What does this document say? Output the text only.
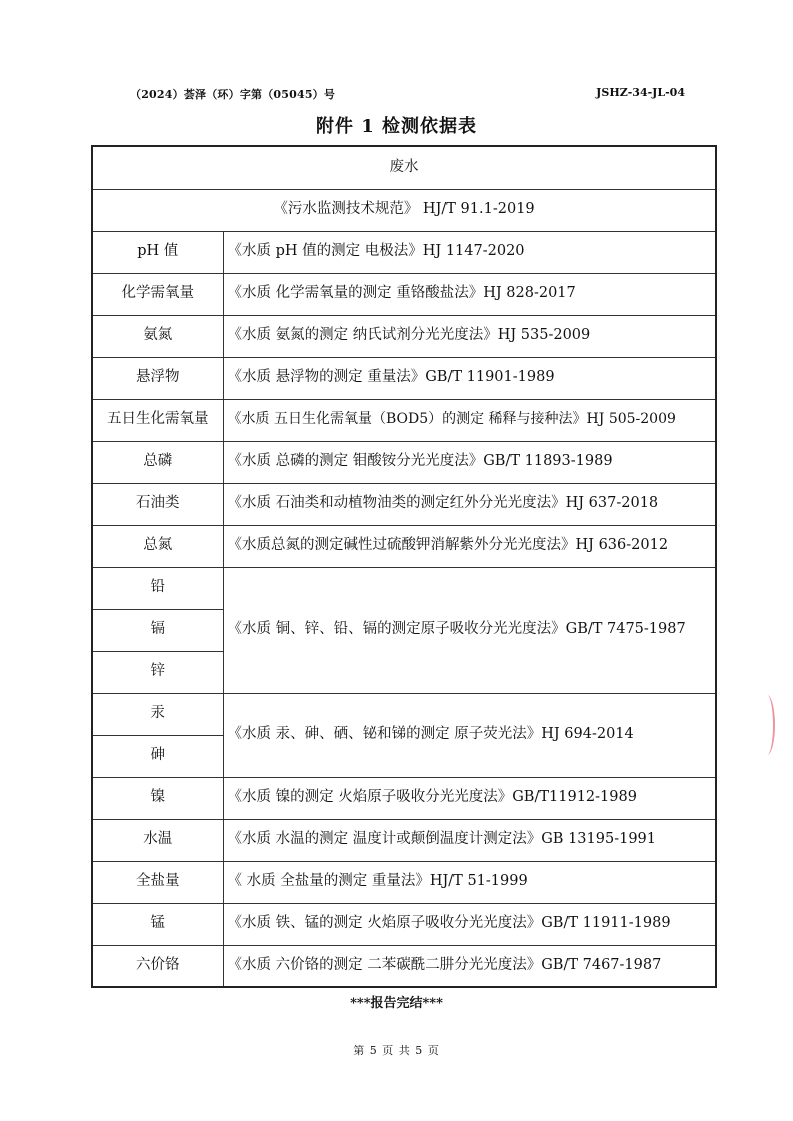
（2024）荟泽（环）字第（05045）号	JSHZ-34-JL-04
附件 1 检测依据表
废水	
《污水监测技术规范》 HJ/T 91.1-2019	
pH 值	《水质 pH 值的测定 电极法》HJ 1147-2020
化学需氧量	《水质 化学需氧量的测定 重铬酸盐法》HJ 828-2017
氨氮	《水质 氨氮的测定 纳氏试剂分光光度法》HJ 535-2009
悬浮物	《水质 悬浮物的测定 重量法》GB/T 11901-1989
五日生化需氧量	《水质 五日生化需氧量（BOD5）的测定 稀释与接种法》HJ 505-2009
总磷	《水质 总磷的测定 钼酸铵分光光度法》GB/T 11893-1989
石油类	《水质 石油类和动植物油类的测定红外分光光度法》HJ 637-2018
总氮	《水质总氮的测定碱性过硫酸钾消解紫外分光光度法》HJ 636-2012
铅	《水质 铜、锌、铅、镉的测定原子吸收分光光度法》GB/T 7475-1987
镉	
锌	
汞	《水质 汞、砷、硒、铋和锑的测定 原子荧光法》HJ 694-2014
砷	
镍	《水质 镍的测定 火焰原子吸收分光光度法》GB/T11912-1989
水温	《水质 水温的测定 温度计或颠倒温度计测定法》GB 13195-1991
全盐量	《 水质 全盐量的测定 重量法》HJ/T 51-1999
锰	《水质 铁、锰的测定 火焰原子吸收分光光度法》GB/T 11911-1989
六价铬	《水质 六价铬的测定 二苯碳酰二肼分光光度法》GB/T 7467-1987
***报告完结***
第 5 页 共 5 页
